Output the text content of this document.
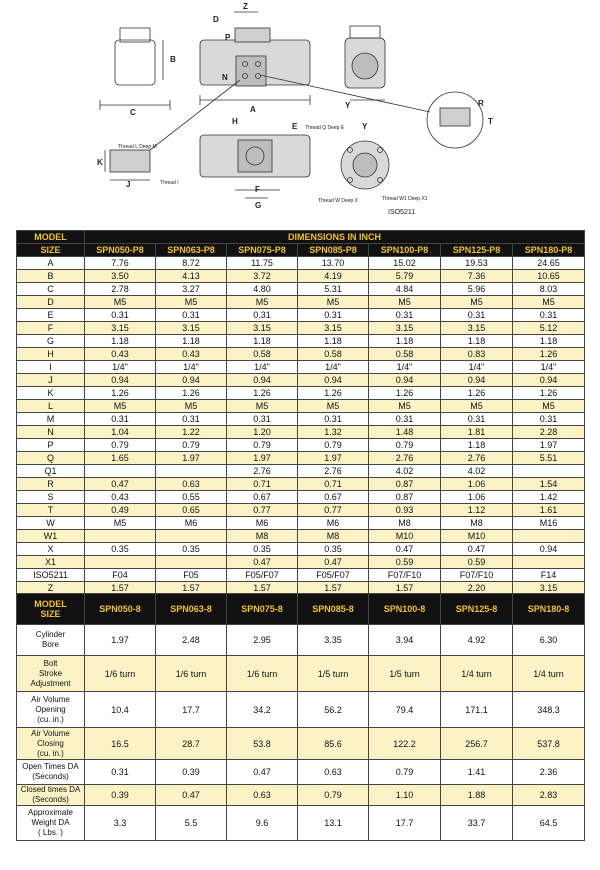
Z
P
D
B
N
C	A
R
T
H
E
Y
Y
K
J
F
G
Thread L Deep M
Thread I
Thread Q Deep E
Thread W Deep X	Thread W1 Deep X1
ISO5211
MODEL	DIMENSIONS IN INCH						
SIZE	SPN050-P8	SPN063-P8	SPN075-P8	SPN085-P8	SPN100-P8	SPN125-P8	SPN180-P8
A	7.76	8.72	11.75	13.70	15.02	19.53	24.65
B	3.50	4.13	3.72	4.19	5.79	7.36	10.65
C	2.78	3.27	4.80	5.31	4.84	5.96	8.03
D	M5	M5	M5	M5	M5	M5	M5
E	0.31	0.31	0.31	0.31	0.31	0.31	0.31
F	3.15	3.15	3.15	3.15	3.15	3.15	5.12
G	1.18	1.18	1.18	1.18	1.18	1.18	1.18
H	0.43	0.43	0.58	0.58	0.58	0.83	1.26
I	1/4"	1/4"	1/4"	1/4"	1/4"	1/4"	1/4"
J	0.94	0.94	0.94	0.94	0.94	0.94	0.94
K	1.26	1.26	1.26	1.26	1.26	1.26	1.26
L	M5	M5	M5	M5	M5	M5	M5
M	0.31	0.31	0.31	0.31	0.31	0.31	0.31
N	1.04	1.22	1.20	1.32	1.48	1.81	2.28
P	0.79	0.79	0.79	0.79	0.79	1.18	1.97
Q	1.65	1.97	1.97	1.97	2.76	2.76	5.51
Q1			2.76	2.76	4.02	4.02	
R	0.47	0.63	0.71	0.71	0.87	1.06	1.54
S	0.43	0.55	0.67	0.67	0.87	1.06	1.42
T	0.49	0.65	0.77	0.77	0.93	1.12	1.61
W	M5	M6	M6	M6	M8	M8	M16
W1			M8	M8	M10	M10	
X	0.35	0.35	0.35	0.35	0.47	0.47	0.94
X1			0.47	0.47	0.59	0.59	
ISO5211	F04	F05	F05/F07	F05/F07	F07/F10	F07/F10	F14
Z	1.57	1.57	1.57	1.57	1.57	2.20	3.15
MODEL
SIZE	SPN050-8	SPN063-8	SPN075-8	SPN085-8	SPN100-8	SPN125-8	SPN180-8
Cylinder
Bore	1.97	2.48	2.95	3.35	3.94	4.92	6.30
Bolt
Stroke
Adjustment	1/6 turn	1/6 turn	1/6 turn	1/5 turn	1/5 turn	1/4 turn	1/4 turn
Air Volume
Opening
(cu. in.)	10.4	17.7	34.2	56.2	79.4	171.1	348.3
Air Volume
Closing
(cu. in.)	16.5	28.7	53.8	85.6	122.2	256.7	537.8
Open Times DA
(Seconds)	0.31	0.39	0.47	0.63	0.79	1.41	2.36
Closed times DA
(Seconds)	0.39	0.47	0.63	0.79	1.10	1.88	2.83
Approximate
Weight DA
( Lbs. )	3.3	5.5	9.6	13.1	17.7	33.7	64.5
